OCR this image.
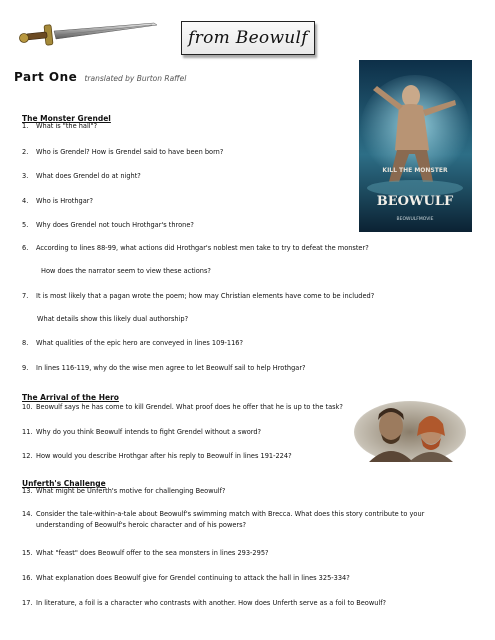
from Beowulf
Part One translated by Burton Raffel
KILL THE MONSTER
BEOWULF
BEOWULFMOVIE
The Monster Grendel
1. What is "the hall"?
2. Who is Grendel? How is Grendel said to have been born?
3. What does Grendel do at night?
4. Who is Hrothgar?
5. Why does Grendel not touch Hrothgar's throne?
6. According to lines 88-99, what actions did Hrothgar's noblest men take to try to defeat the monster?
How does the narrator seem to view these actions?
7. It is most likely that a pagan wrote the poem; how may Christian elements have come to be included?
What details show this likely dual authorship?
8. What qualities of the epic hero are conveyed in lines 109-116?
9. In lines 116-119, why do the wise men agree to let Beowulf sail to help Hrothgar?
The Arrival of the Hero
10. Beowulf says he has come to kill Grendel. What proof does he offer that he is up to the task?
11. Why do you think Beowulf intends to fight Grendel without a sword?
12. How would you describe Hrothgar after his reply to Beowulf in lines 191-224?
Unferth's Challenge
13. What might be Unferth's motive for challenging Beowulf?
14. Consider the tale-within-a-tale about Beowulf's swimming match with Brecca. What does this story contribute to your understanding of Beowulf's heroic character and of his powers?
15. What "feast" does Beowulf offer to the sea monsters in lines 293-295?
16. What explanation does Beowulf give for Grendel continuing to attack the hall in lines 325-334?
17. In literature, a foil is a character who contrasts with another. How does Unferth serve as a foil to Beowulf?
